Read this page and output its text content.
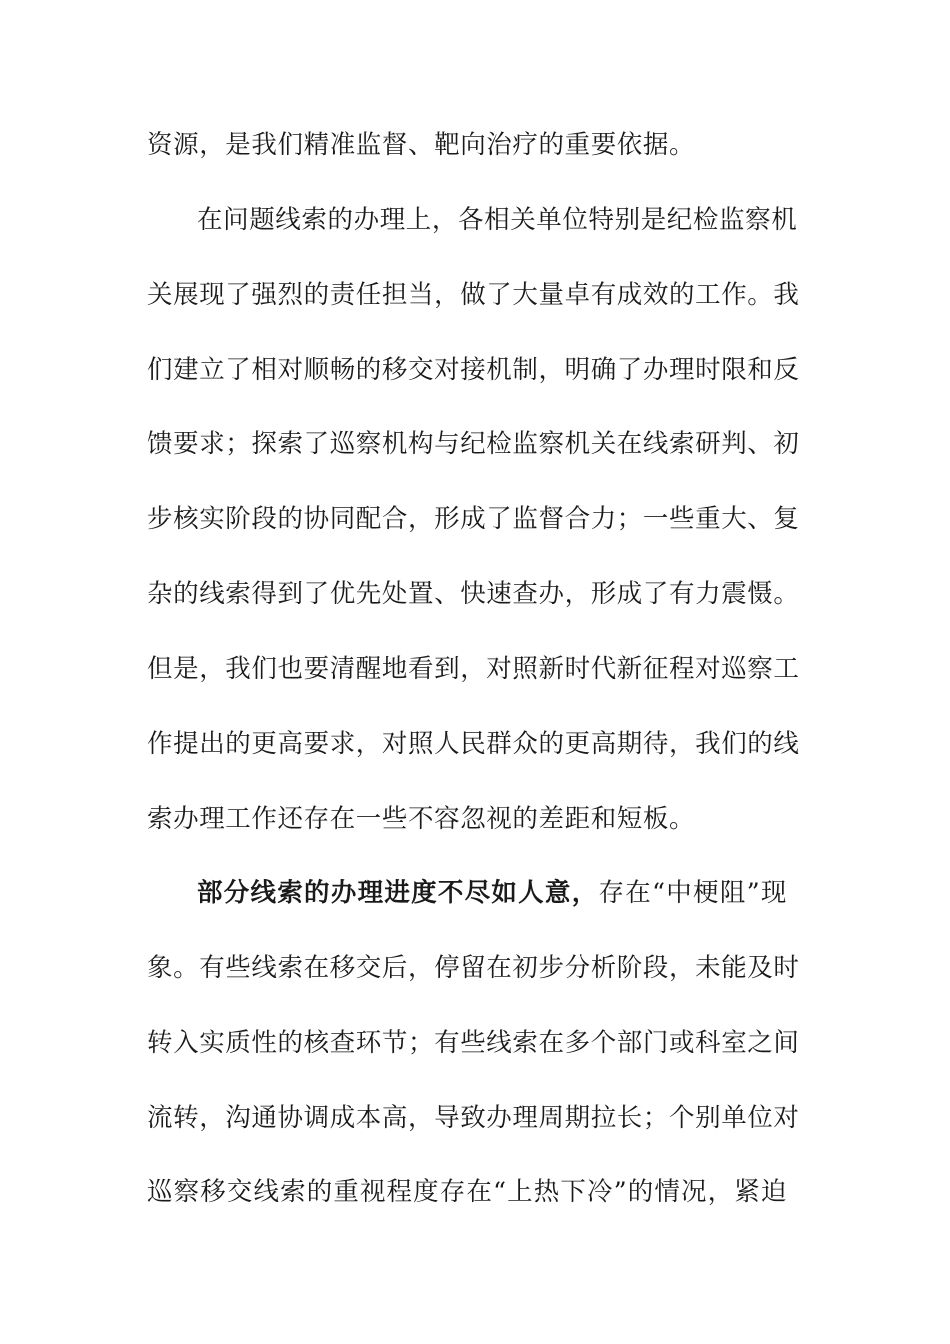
资源，是我们精准监督、靶向治疗的重要依据。
在问题线索的办理上，各相关单位特别是纪检监察机
关展现了强烈的责任担当，做了大量卓有成效的工作。我
们建立了相对顺畅的移交对接机制，明确了办理时限和反
馈要求；探索了巡察机构与纪检监察机关在线索研判、初
步核实阶段的协同配合，形成了监督合力；一些重大、复
杂的线索得到了优先处置、快速查办，形成了有力震慑。
但是，我们也要清醒地看到，对照新时代新征程对巡察工
作提出的更高要求，对照人民群众的更高期待，我们的线
索办理工作还存在一些不容忽视的差距和短板。
部分线索的办理进度不尽如人意，存在“中梗阻”现
象。有些线索在移交后，停留在初步分析阶段，未能及时
转入实质性的核查环节；有些线索在多个部门或科室之间
流转，沟通协调成本高，导致办理周期拉长；个别单位对
巡察移交线索的重视程度存在“上热下冷”的情况，紧迫
